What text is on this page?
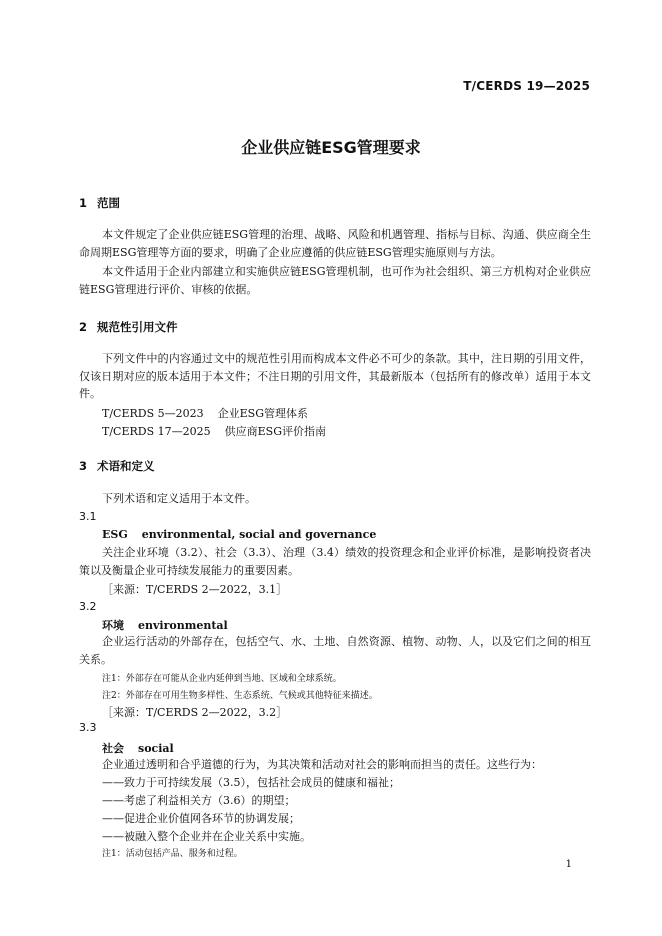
T/CERDS 19—2025
企业供应链ESG管理要求
1 范围
本文件规定了企业供应链ESG管理的治理、战略、风险和机遇管理、指标与目标、沟通、供应商全生命周期ESG管理等方面的要求，明确了企业应遵循的供应链ESG管理实施原则与方法。
本文件适用于企业内部建立和实施供应链ESG管理机制，也可作为社会组织、第三方机构对企业供应链ESG管理进行评价、审核的依据。
2 规范性引用文件
下列文件中的内容通过文中的规范性引用而构成本文件必不可少的条款。其中，注日期的引用文件，仅该日期对应的版本适用于本文件；不注日期的引用文件，其最新版本（包括所有的修改单）适用于本文件。
T/CERDS 5—2023 企业ESG管理体系
T/CERDS 17—2025 供应商ESG评价指南
3 术语和定义
下列术语和定义适用于本文件。
3.1
ESG environmental, social and governance
关注企业环境（3.2）、社会（3.3）、治理（3.4）绩效的投资理念和企业评价标准，是影响投资者决策以及衡量企业可持续发展能力的重要因素。
［来源：T/CERDS 2—2022，3.1］
3.2
环境 environmental
企业运行活动的外部存在，包括空气、水、土地、自然资源、植物、动物、人，以及它们之间的相互关系。
注1：外部存在可能从企业内延伸到当地、区域和全球系统。
注2：外部存在可用生物多样性、生态系统、气候或其他特征来描述。
［来源：T/CERDS 2—2022，3.2］
3.3
社会 social
企业通过透明和合乎道德的行为，为其决策和活动对社会的影响而担当的责任。这些行为：
——致力于可持续发展（3.5），包括社会成员的健康和福祉；
——考虑了利益相关方（3.6）的期望；
——促进企业价值网各环节的协调发展；
——被融入整个企业并在企业关系中实施。
注1：活动包括产品、服务和过程。
1
